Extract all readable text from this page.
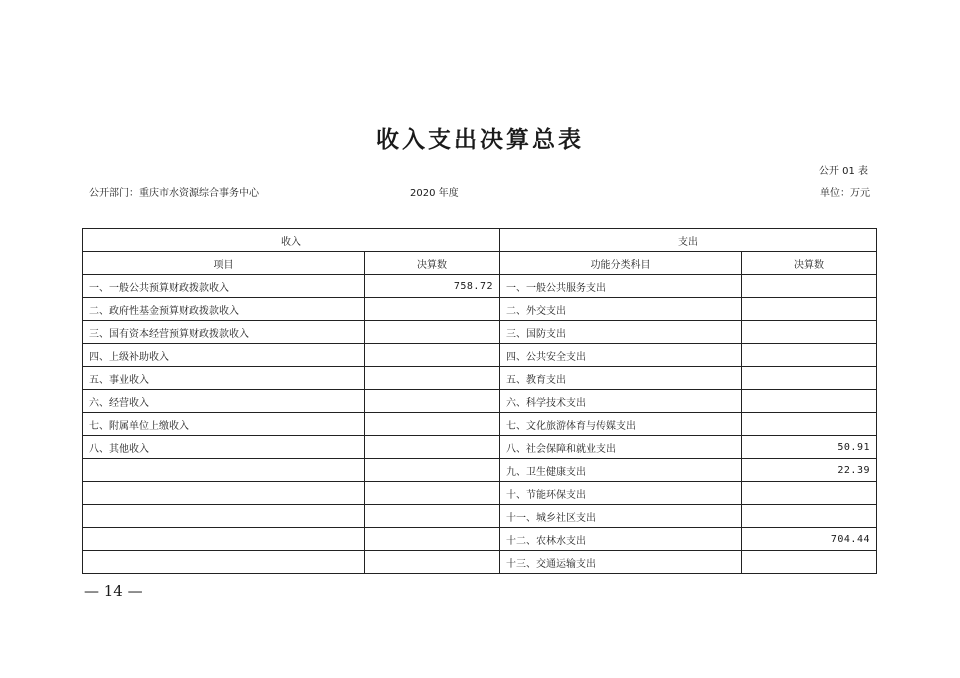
收入支出决算总表
公开 01 表
公开部门：重庆市水资源综合事务中心	2020 年度	单位：万元
收入		支出	
项目	决算数	功能分类科目	决算数
一、一般公共预算财政拨款收入	758.72	一、一般公共服务支出	
二、政府性基金预算财政拨款收入		二、外交支出	
三、国有资本经营预算财政拨款收入		三、国防支出	
四、上级补助收入		四、公共安全支出	
五、事业收入		五、教育支出	
六、经营收入		六、科学技术支出	
七、附属单位上缴收入		七、文化旅游体育与传媒支出	
八、其他收入		八、社会保障和就业支出	50.91
		九、卫生健康支出	22.39
		十、节能环保支出	
		十一、城乡社区支出	
		十二、农林水支出	704.44
		十三、交通运输支出	
— 14 —
